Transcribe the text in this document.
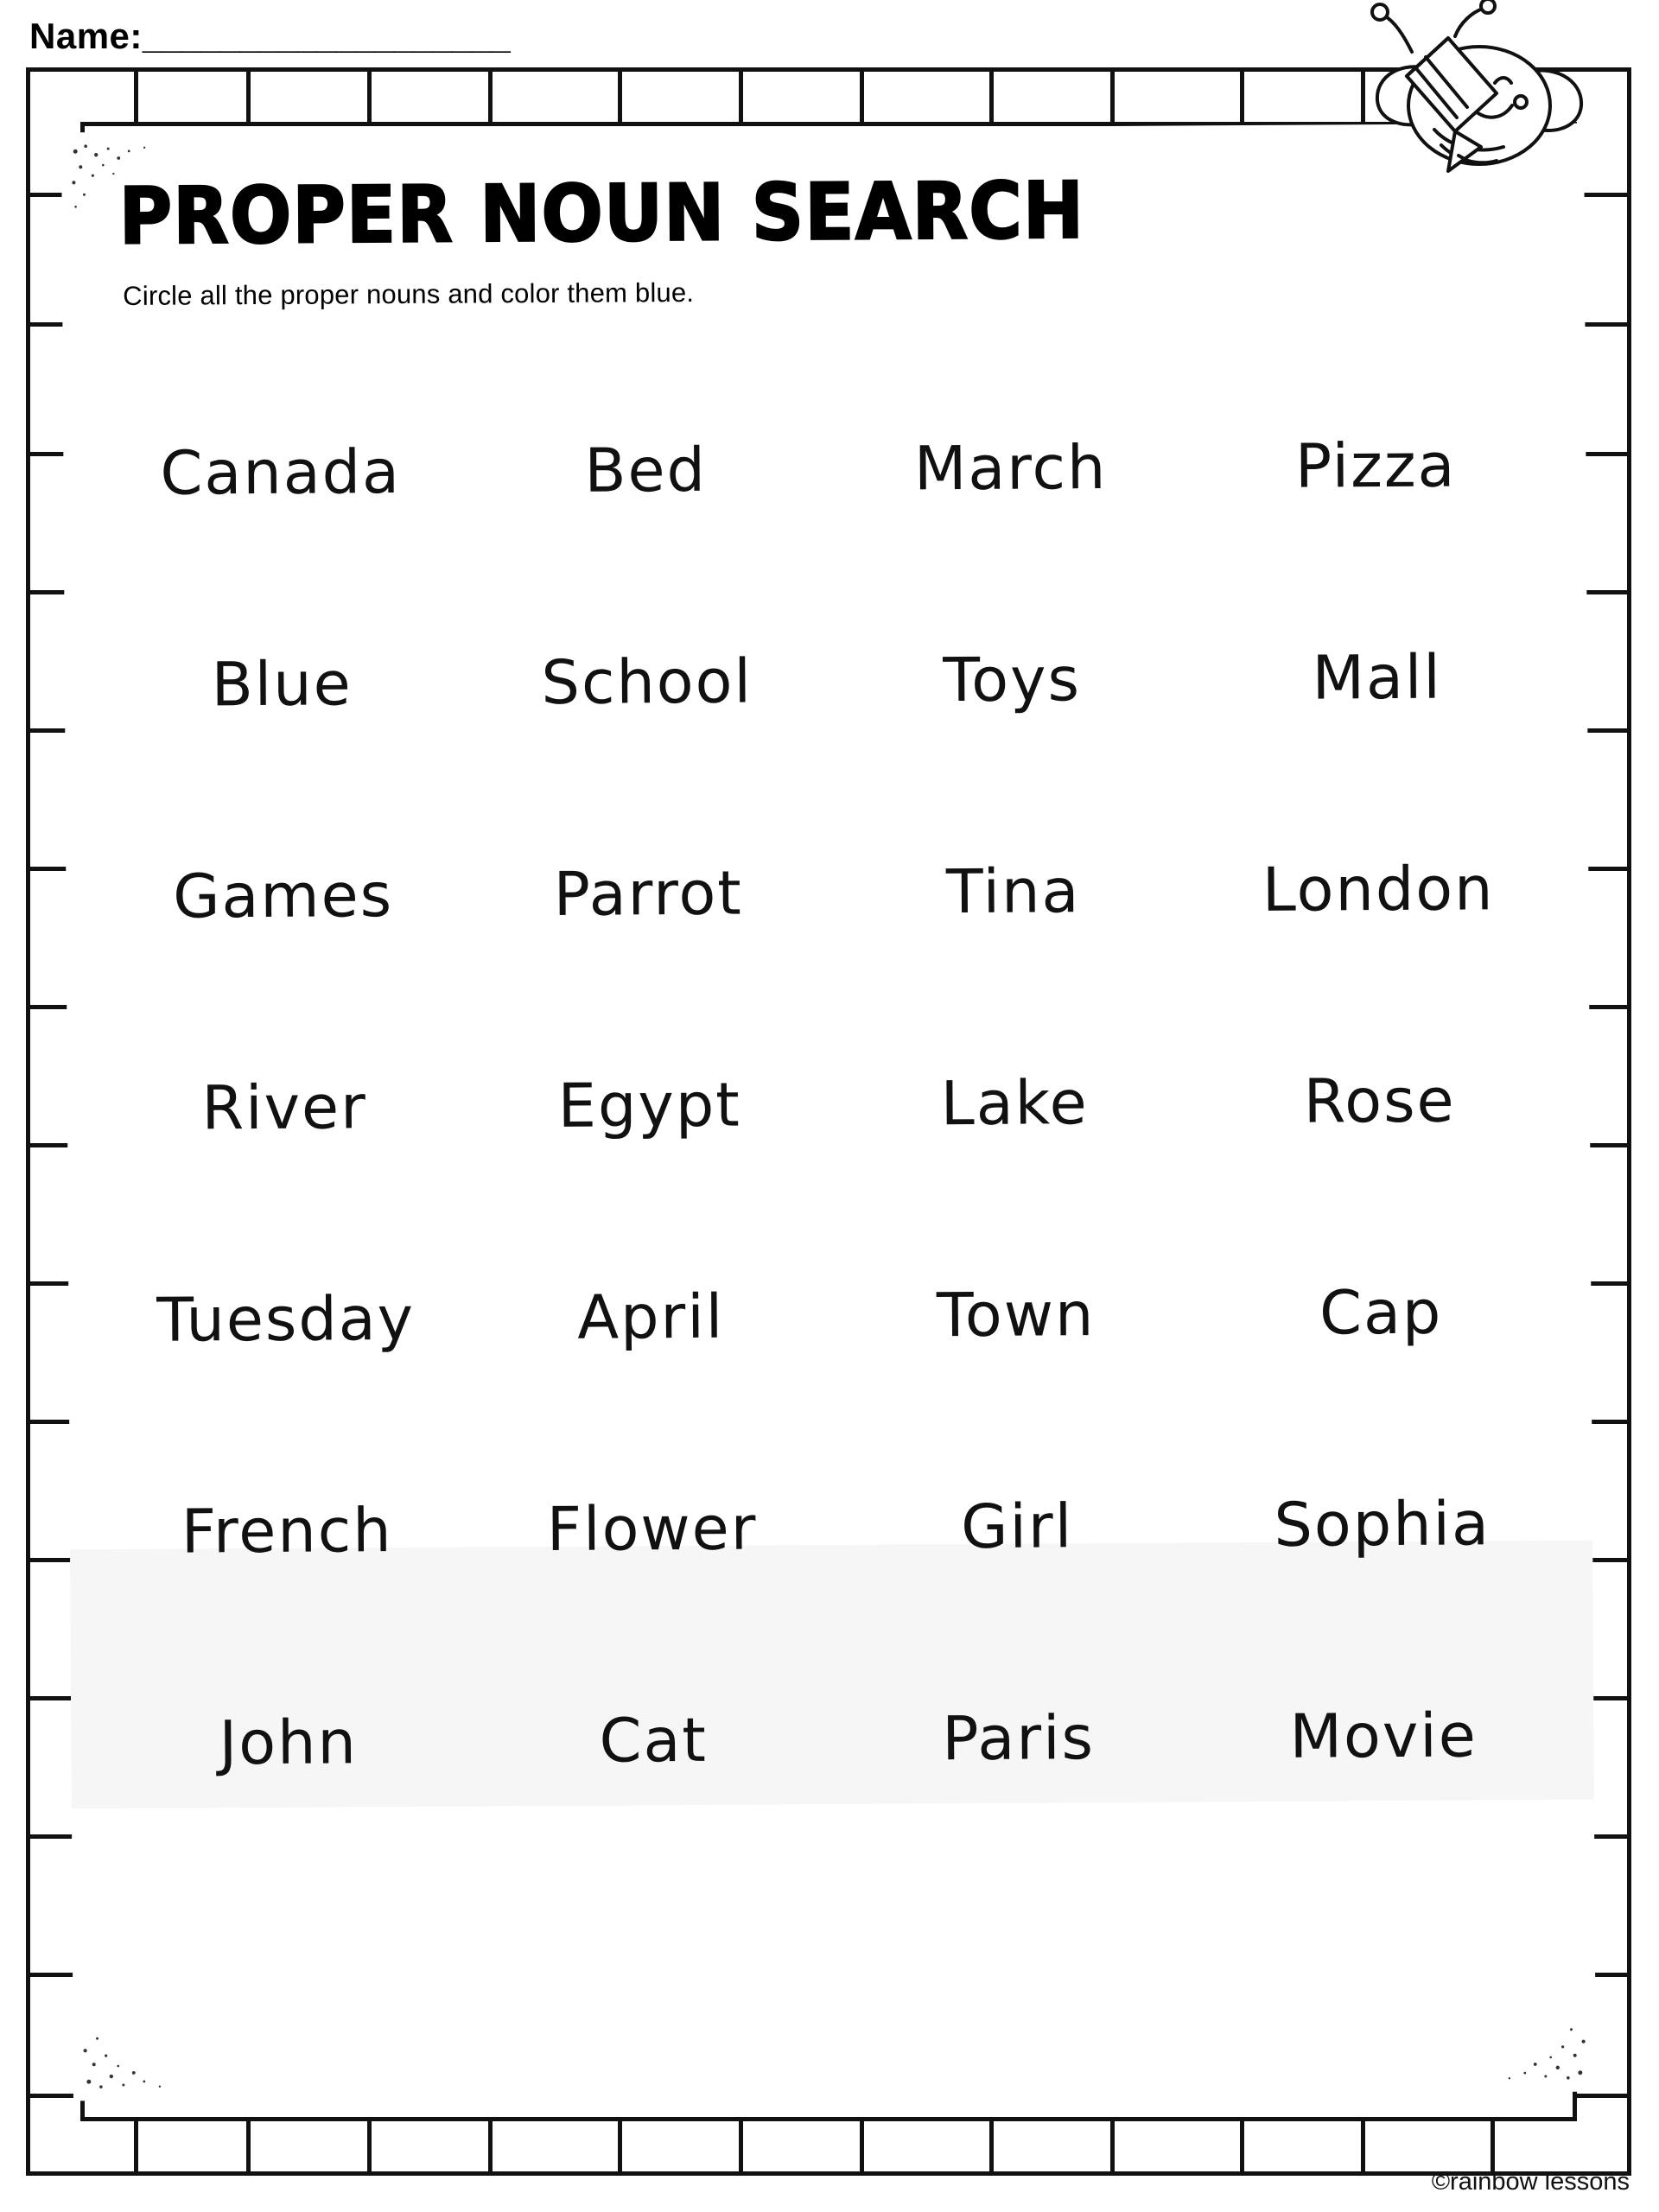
Name: ___________________
PROPER NOUN SEARCH
Circle all the proper nouns and color them blue.
Canada	Bed	March	Pizza
Blue	School	Toys	Mall
Games	Parrot	Tina	London
River	Egypt	Lake	Rose
Tuesday	April	Town	Cap
French	Flower	Girl	Sophia
John	Cat	Paris	Movie
©rainbow lessons
